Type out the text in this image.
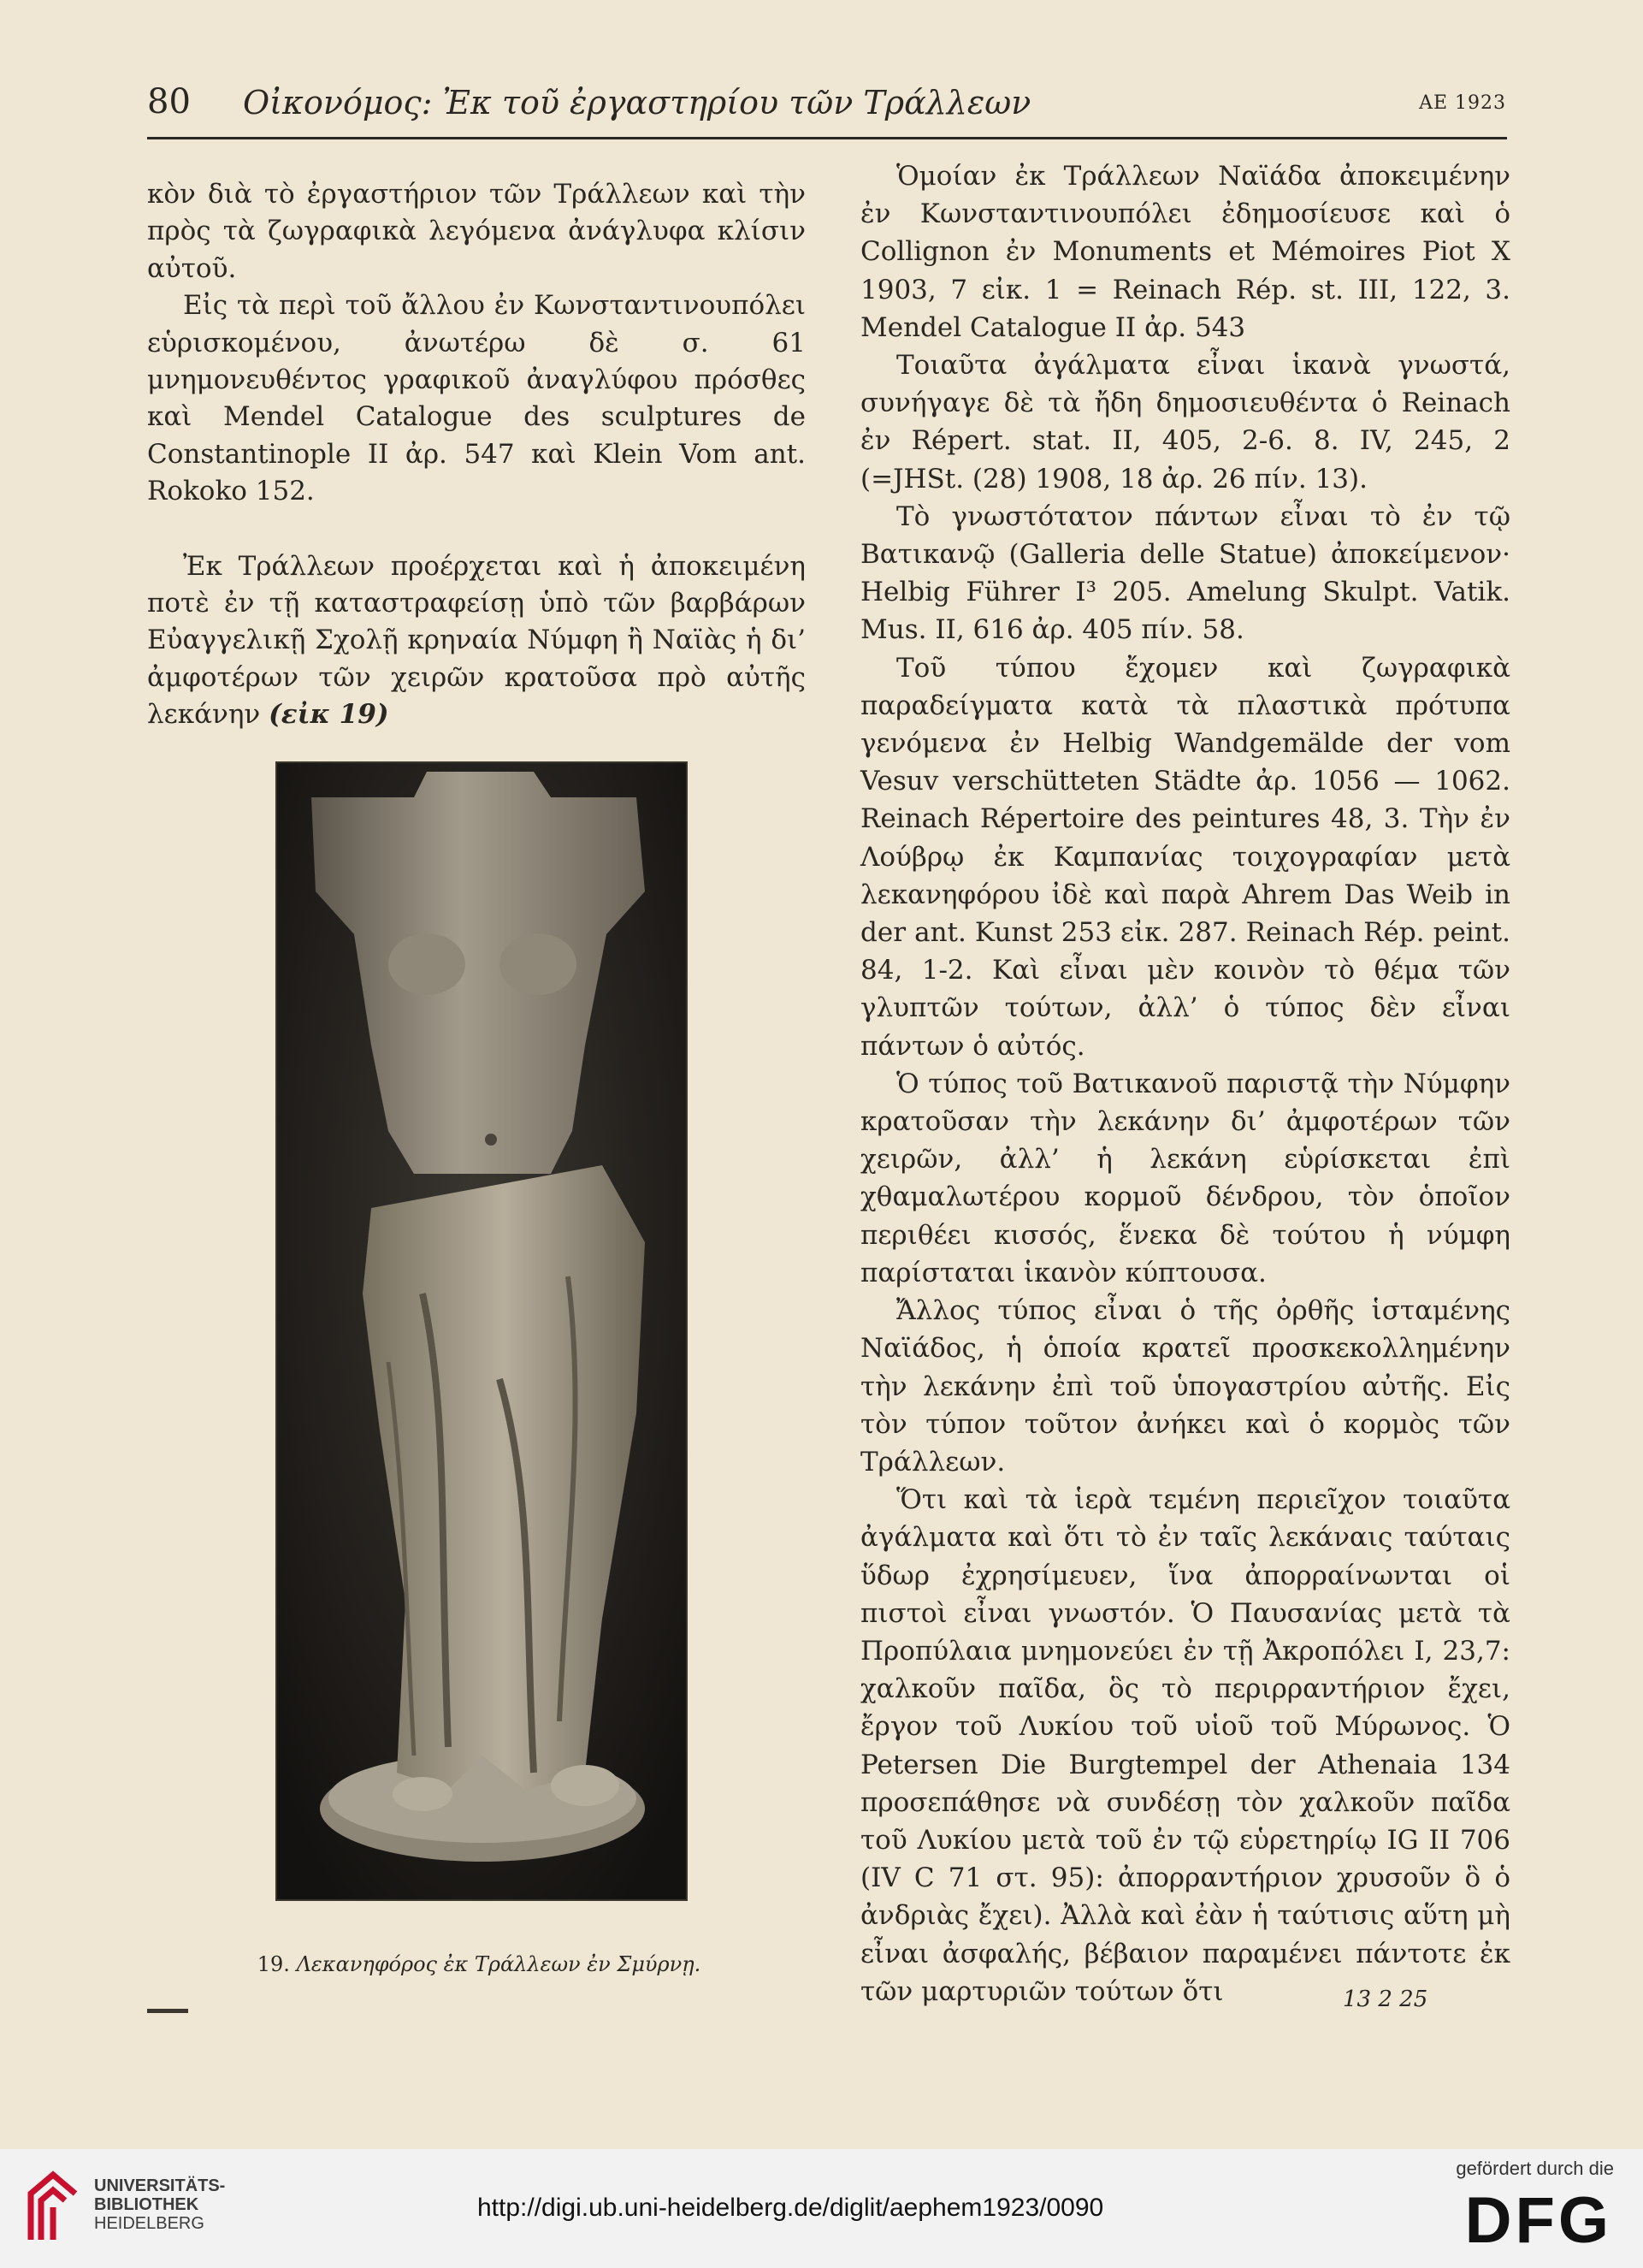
80 Οἰκονόμος: Ἐκ τοῦ ἐργαστηρίου τῶν Τράλλεων	ΑΕ 1923

κὸν διὰ τὸ ἐργαστήριον τῶν Τράλλεων καὶ τὴν πρὸς τὰ ζωγραφικὰ λεγόμενα ἀνάγλυφα κλίσιν αὐτοῦ.

Εἰς τὰ περὶ τοῦ ἄλλου ἐν Κωνσταντινουπόλει εὑρισκομένου, ἀνωτέρω δὲ σ. 61 μνημονευθέντος γραφικοῦ ἀναγλύφου πρόσθες καὶ Mendel Catalogue des sculptures de Constantinople II ἀρ. 547 καὶ Klein Vom ant. Rokoko 152.

Ἐκ Τράλλεων προέρχεται καὶ ἡ ἀποκειμένη ποτὲ ἐν τῇ καταστραφείσῃ ὑπὸ τῶν βαρβάρων Εὐαγγελικῇ Σχολῇ κρηναία Νύμφη ἢ Ναϊὰς ἡ δι’ ἀμφοτέρων τῶν χειρῶν κρατοῦσα πρὸ αὐτῆς λεκάνην (εἰκ 19)

19. Λεκανηφόρος ἐκ Τράλλεων ἐν Σμύρνῃ.

Ὁμοίαν ἐκ Τράλλεων Ναϊάδα ἀποκειμένην ἐν Κωνσταντινουπόλει ἐδημοσίευσε καὶ ὁ Collignon ἐν Monuments et Mémoires Piot X 1903, 7 εἰκ. 1 = Reinach Rép. st. III, 122, 3. Mendel Catalogue II ἀρ. 543

Τοιαῦτα ἀγάλματα εἶναι ἱκανὰ γνωστά, συνήγαγε δὲ τὰ ἤδη δημοσιευθέντα ὁ Reinach ἐν Répert. stat. II, 405, 2-6. 8. IV, 245, 2 (=JHSt. (28) 1908, 18 ἀρ. 26 πίν. 13).

Τὸ γνωστότατον πάντων εἶναι τὸ ἐν τῷ Βατικανῷ (Galleria delle Statue) ἀποκείμενον· Helbig Führer I³ 205. Amelung Skulpt. Vatik. Mus. II, 616 ἀρ. 405 πίν. 58.

Τοῦ τύπου ἔχομεν καὶ ζωγραφικὰ παραδείγματα κατὰ τὰ πλαστικὰ πρότυπα γενόμενα ἐν Helbig Wandgemälde der vom Vesuv verschütteten Städte ἀρ. 1056 — 1062. Reinach Répertoire des peintures 48, 3. Τὴν ἐν Λούβρῳ ἐκ Καμπανίας τοιχογραφίαν μετὰ λεκανηφόρου ἰδὲ καὶ παρὰ Ahrem Das Weib in der ant. Kunst 253 εἰκ. 287. Reinach Rép. peint. 84, 1-2. Καὶ εἶναι μὲν κοινὸν τὸ θέμα τῶν γλυπτῶν τούτων, ἀλλ’ ὁ τύπος δὲν εἶναι πάντων ὁ αὐτός.

Ὁ τύπος τοῦ Βατικανοῦ παριστᾷ τὴν Νύμφην κρατοῦσαν τὴν λεκάνην δι’ ἀμφοτέρων τῶν χειρῶν, ἀλλ’ ἡ λεκάνη εὑρίσκεται ἐπὶ χθαμαλωτέρου κορμοῦ δένδρου, τὸν ὁποῖον περιθέει κισσός, ἕνεκα δὲ τούτου ἡ νύμφη παρίσταται ἱκανὸν κύπτουσα.

Ἄλλος τύπος εἶναι ὁ τῆς ὀρθῆς ἱσταμένης Ναϊάδος, ἡ ὁποία κρατεῖ προσκεκολλημένην τὴν λεκάνην ἐπὶ τοῦ ὑπογαστρίου αὐτῆς. Εἰς τὸν τύπον τοῦτον ἀνήκει καὶ ὁ κορμὸς τῶν Τράλλεων.

Ὅτι καὶ τὰ ἱερὰ τεμένη περιεῖχον τοιαῦτα ἀγάλματα καὶ ὅτι τὸ ἐν ταῖς λεκάναις ταύταις ὕδωρ ἐχρησίμευεν, ἵνα ἀπορραίνωνται οἱ πιστοὶ εἶναι γνωστόν. Ὁ Παυσανίας μετὰ τὰ Προπύλαια μνημονεύει ἐν τῇ Ἀκροπόλει I, 23,7: χαλκοῦν παῖδα, ὃς τὸ περιρραντήριον ἔχει, ἔργον τοῦ Λυκίου τοῦ υἱοῦ τοῦ Μύρωνος. Ὁ Petersen Die Burgtempel der Athenaia 134 προσεπάθησε νὰ συνδέσῃ τὸν χαλκοῦν παῖδα τοῦ Λυκίου μετὰ τοῦ ἐν τῷ εὑρετηρίῳ IG II 706 (IV C 71 στ. 95): ἀπορραντήριον χρυσοῦν ὃ ὁ ἀνδριὰς ἔχει). Ἀλλὰ καὶ ἐὰν ἡ ταύτισις αὕτη μὴ εἶναι ἀσφαλής, βέβαιον παραμένει πάντοτε ἐκ τῶν μαρτυριῶν τούτων ὅτι	13 2 25
UNIVERSITÄTS-
BIBLIOTHEK
HEIDELBERG
http://digi.ub.uni-heidelberg.de/diglit/aephem1923/0090
gefördert durch die
DFG
